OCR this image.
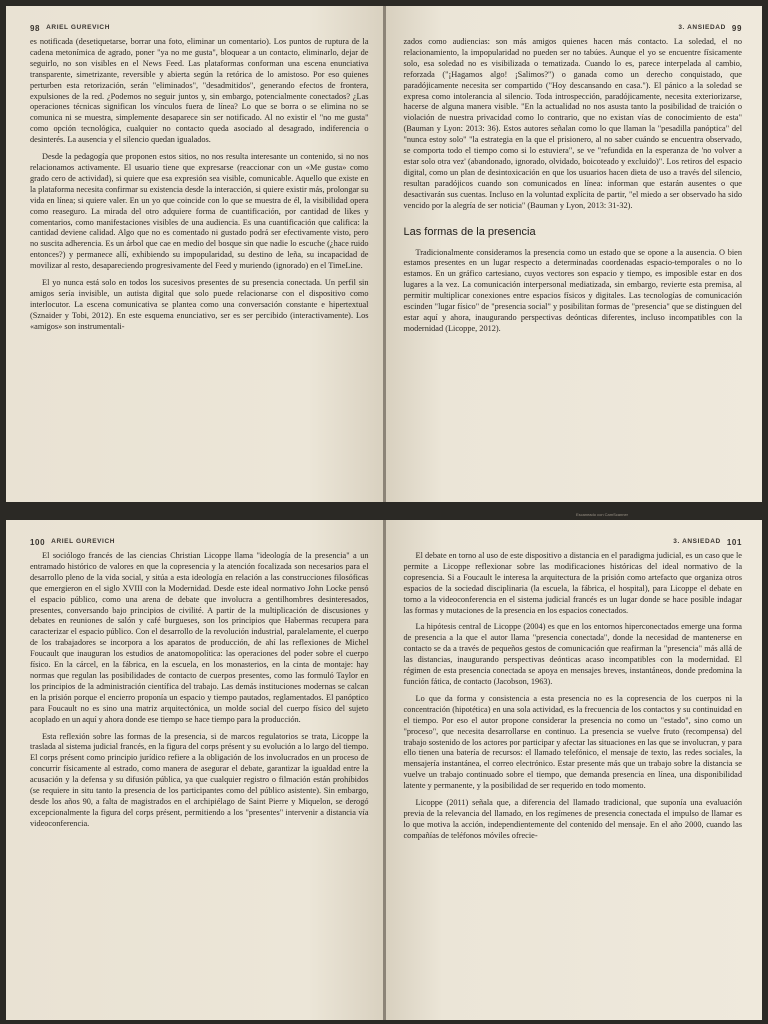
98 ARIEL GUREVICH

es notificada (desetiquetarse, borrar una foto, eliminar un comentario). Los puntos de ruptura de la cadena metonímica de agrado, poner "ya no me gusta", bloquear a un contacto, eliminarlo, dejar de seguirlo, no son visibles en el News Feed. Las plataformas conforman una escena enunciativa transparente, simetrizante, reversible y abierta según la retórica de lo amistoso. Por eso quienes perturben esta retorización, serán "eliminados", "desadmitidos", generando efectos de frontera, expulsiones de la red. ¿Podemos no seguir juntos y, sin embargo, potencialmente conectados? ¿Las operaciones técnicas significan los vínculos fuera de línea? Lo que se borra o se elimina no se comunica ni se muestra, simplemente desaparece sin ser notificado. Al no existir el "no me gusta" como opción tecnológica, cualquier no contacto queda asociado al desagrado, indiferencia o desinterés. La ausencia y el silencio quedan igualados.

Desde la pedagogía que proponen estos sitios, no nos resulta interesante un contenido, si no nos relacionamos activamente. El usuario tiene que expresarse (reaccionar con un «Me gusta» como grado cero de actividad), si quiere que esa expresión sea visible, comunicable. Aquello que existe en la plataforma necesita confirmar su existencia desde la interacción, si quiere existir más, prolongar su vida en línea; si quiere valer. En un yo que coincide con lo que se muestra de él, la visibilidad opera como reaseguro. La mirada del otro adquiere forma de cuantificación, por cantidad de likes y comentarios, como manifestaciones visibles de una audiencia. Es una cuantificación que califica: la cantidad deviene calidad. Algo que no es comentado ni gustado podrá ser efectivamente visto, pero no suscita adherencia. Es un árbol que cae en medio del bosque sin que nadie lo escuche (¿hace ruido entonces?) y permanece allí, exhibiendo su impopularidad, su destino de leña, su incapacidad de movilizar al resto, desapareciendo progresivamente del Feed y muriendo (ignorado) en el TimeLine.

El yo nunca está solo en todos los sucesivos presentes de su presencia conectada. Un perfil sin amigos sería invisible, un autista digital que solo puede relacionarse con el dispositivo como interlocutor. La escena comunicativa se plantea como una conversación constante e hipertextual (Sznaider y Tobi, 2012). En este esquema enunciativo, ser es ser percibido (interactivamente). Los «amigos» son instrumentali-

3. ANSIEDAD 99

zados como audiencias: son más amigos quienes hacen más contacto. La soledad, el no relacionamiento, la impopularidad no pueden ser no tabúes. Aunque el yo se encuentre físicamente solo, esa soledad no es visibilizada o tematizada. Cuando lo es, parece interpelada al cambio, reforzada ("¡Hagamos algo! ¡Salimos?") o ganada como un derecho conquistado, que paradójicamente necesita ser compartido ("Hoy descansando en casa."). El pánico a la soledad se expresa como intolerancia al silencio. Toda introspección, paradójicamente, necesita exteriorizarse, hacerse de alguna manera visible. "En la actualidad no nos asusta tanto la posibilidad de traición o violación de nuestra privacidad como lo contrario, que no existan vías de conocimiento de esta" (Bauman y Lyon: 2013: 36). Estos autores señalan como lo que llaman la "pesadilla panóptica" del "nunca estoy solo" "la estrategia en la que el prisionero, al no saber cuándo se encuentra observado, se comporta todo el tiempo como si lo estuviera", se ve "refundida en la esperanza de 'no volver a estar solo otra vez' (abandonado, ignorado, olvidado, boicoteado y excluido)". Los retiros del espacio digital, como un plan de desintoxicación en que los usuarios hacen dieta de uso a través del silencio, resultan paradójicos cuando son comunicados en línea: informan que estarán ausentes o que desactivarán sus cuentas. Incluso en la voluntad explícita de partir, "el miedo a ser observado ha sido vencido por la alegría de ser noticia" (Bauman y Lyon, 2013: 31-32).

Las formas de la presencia

Tradicionalmente consideramos la presencia como un estado que se opone a la ausencia. O bien estamos presentes en un lugar respecto a determinadas coordenadas espacio-temporales o no lo estamos. En un gráfico cartesiano, cuyos vectores son espacio y tiempo, es imposible estar en dos lugares a la vez. La comunicación interpersonal mediatizada, sin embargo, revierte esta premisa, al permitir multiplicar conexiones entre espacios físicos y digitales. Las tecnologías de comunicación escinden "lugar físico" de "presencia social" y posibilitan formas de "presencia" que se distinguen del estar aquí y ahora, inaugurando perspectivas deónticas diferentes, incluso incompatibles con la modernidad (Licoppe, 2012).

100 ARIEL GUREVICH

El sociólogo francés de las ciencias Christian Licoppe llama "ideología de la presencia" a un entramado histórico de valores en que la copresencia y la atención focalizada son necesarios para el desarrollo pleno de la vida social, y sitúa a esta ideología en relación a las construcciones filosóficas que emergieron en el siglo XVIII con la Modernidad. Desde este ideal normativo John Locke pensó el espacio público, como una arena de debate que involucra a gentilhombres desinteresados, presentes, conversando bajo principios de civilité. A partir de la multiplicación de discusiones y debates en reuniones de salón y café burgueses, son los principios que Habermas recupera para caracterizar el espacio público. Con el desarrollo de la revolución industrial, paralelamente, el cuerpo de los trabajadores se incorpora a los aparatos de producción, de ahí las reflexiones de Michel Foucault que inauguran los estudios de anatomopolítica: las operaciones del poder sobre el cuerpo físico. En la cárcel, en la fábrica, en la escuela, en los monasterios, en la cinta de montaje: hay normas que regulan las posibilidades de contacto de cuerpos presentes, como las formuló Taylor en los principios de la administración científica del trabajo. Las demás instituciones modernas se calcan en la prisión porque el encierro proponía un espacio y tiempo pautados, reglamentados. El panóptico para Foucault no es sino una matriz arquitectónica, un molde social del cuerpo físico del sujeto acoplado en un aquí y ahora donde ese tiempo se hace tiempo para la producción.

Esta reflexión sobre las formas de la presencia, si de marcos regulatorios se trata, Licoppe la traslada al sistema judicial francés, en la figura del corps présent y su evolución a lo largo del tiempo. El corps présent como principio jurídico refiere a la obligación de los involucrados en un proceso de concurrir físicamente al estrado, como manera de asegurar el debate, garantizar la igualdad entre la acusación y la defensa y su difusión pública, ya que cualquier registro o filmación están prohibidos (se requiere in situ tanto la presencia de los participantes como del público asistente). Sin embargo, desde los años 90, a falta de magistrados en el archipiélago de Saint Pierre y Miquelon, se derogó excepcionalmente la figura del corps présent, permitiendo a los "presentes" intervenir a distancia vía videoconferencia.

3. ANSIEDAD 101

El debate en torno al uso de este dispositivo a distancia en el paradigma judicial, es un caso que le permite a Licoppe reflexionar sobre las modificaciones históricas del ideal normativo de la copresencia. Si a Foucault le interesa la arquitectura de la prisión como artefacto que organiza otros espacios de la sociedad disciplinaria (la escuela, la fábrica, el hospital), para Licoppe el debate en torno a la videoconferencia en el sistema judicial francés es un lugar donde se hace posible indagar las formas y mutaciones de la presencia en los espacios conectados.

La hipótesis central de Licoppe (2004) es que en los entornos hiperconectados emerge una forma de presencia a la que el autor llama "presencia conectada", donde la necesidad de mantenerse en contacto se da a través de pequeños gestos de comunicación que reafirman la "presencia" más allá de las distancias, inaugurando perspectivas deónticas acaso incompatibles con la modernidad. El régimen de esta presencia conectada se apoya en mensajes breves, instantáneos, donde predomina la función fática, de contacto (Jacobson, 1963).

Lo que da forma y consistencia a esta presencia no es la copresencia de los cuerpos ni la concentración (hipotética) en una sola actividad, es la frecuencia de los contactos y su continuidad en el tiempo. Por eso el autor propone considerar la presencia no como un "estado", sino como un "proceso", que necesita desarrollarse en continuo. La presencia se vuelve fruto (recompensa) del trabajo sostenido de los actores por participar y afectar las situaciones en las que se involucran, y para ello tienen una batería de recursos: el llamado telefónico, el mensaje de texto, las redes sociales, la mensajería instantánea, el correo electrónico. Estar presente más que un trabajo sobre la distancia se vuelve un trabajo continuado sobre el tiempo, que demanda presencia en línea, una disponibilidad latente y permanente, y la posibilidad de ser requerido en todo momento.

Licoppe (2011) señala que, a diferencia del llamado tradicional, que suponía una evaluación previa de la relevancia del llamado, en los regímenes de presencia conectada el impulso de llamar es lo que motiva la acción, independientemente del contenido del mensaje. En el año 2000, cuando las compañías de teléfonos móviles ofrecie-

Escaneado con CamScanner
